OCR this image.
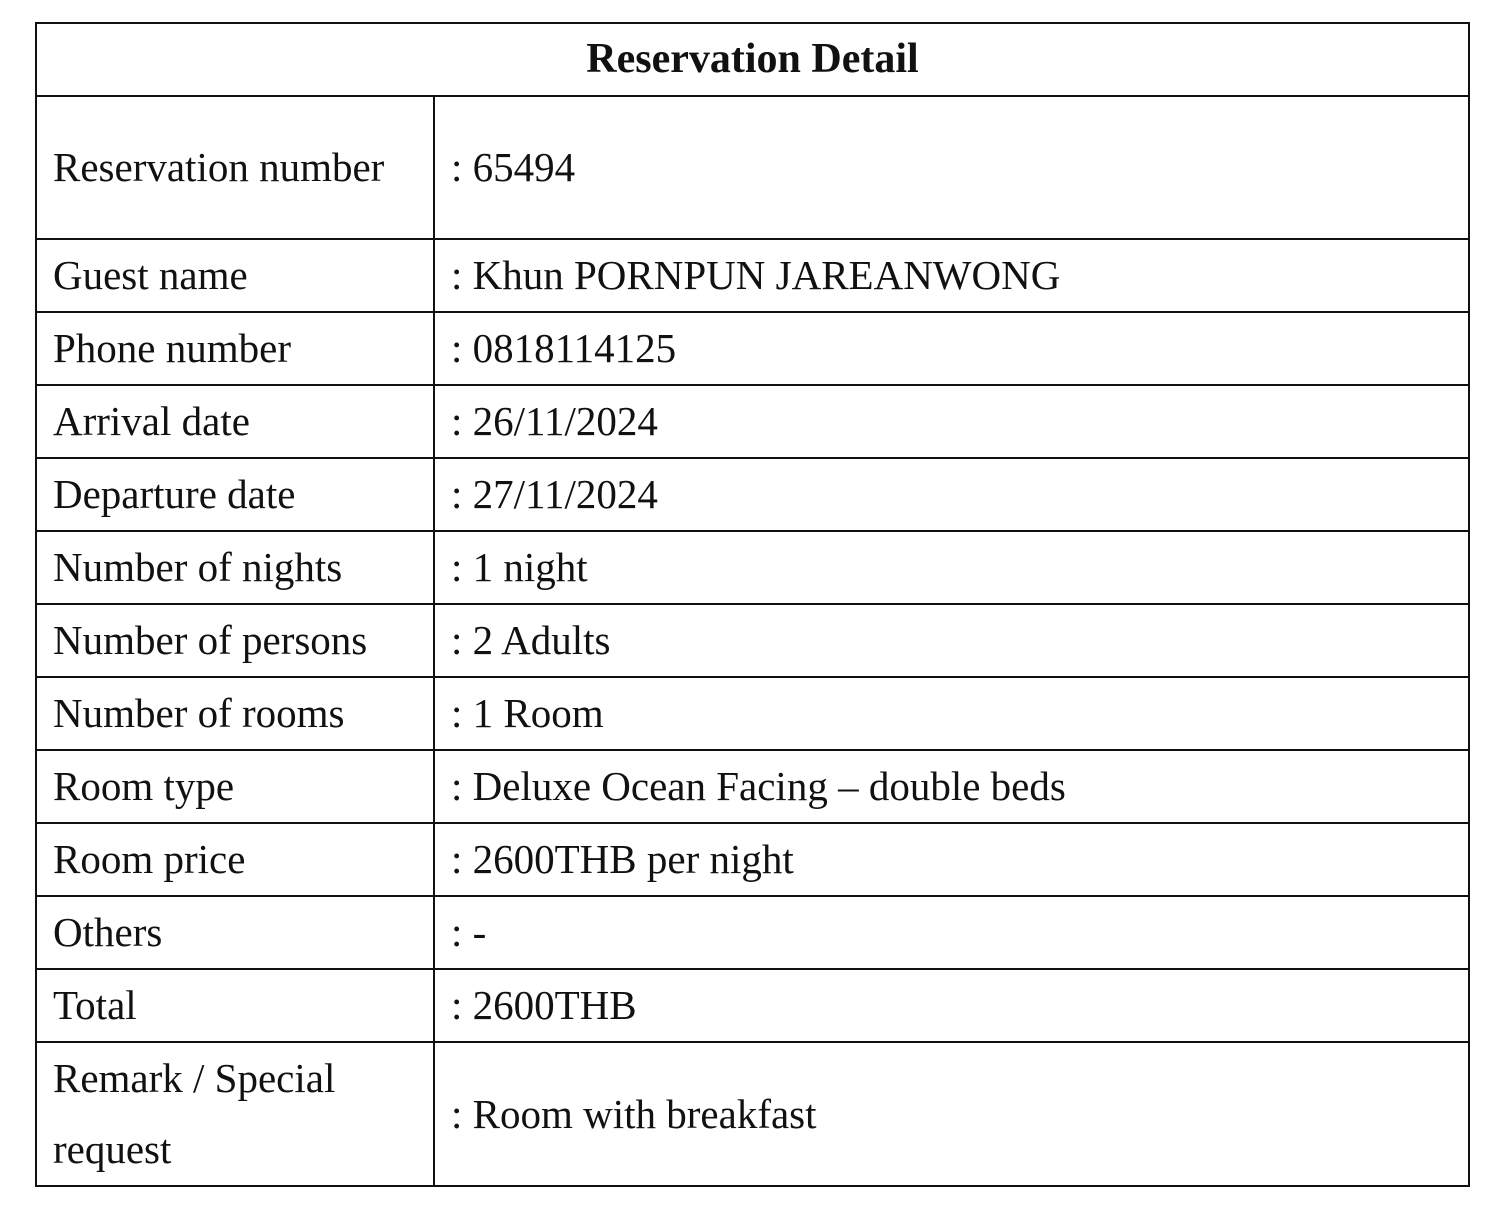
Reservation Detail	
Reservation number	: 65494
Guest name	: Khun PORNPUN JAREANWONG
Phone number	: 0818114125
Arrival date	: 26/11/2024
Departure date	: 27/11/2024
Number of nights	: 1 night
Number of persons	: 2 Adults
Number of rooms	: 1 Room
Room type	: Deluxe Ocean Facing – double beds
Room price	: 2600THB per night
Others	: -
Total	: 2600THB
Remark / Special request	: Room with breakfast
